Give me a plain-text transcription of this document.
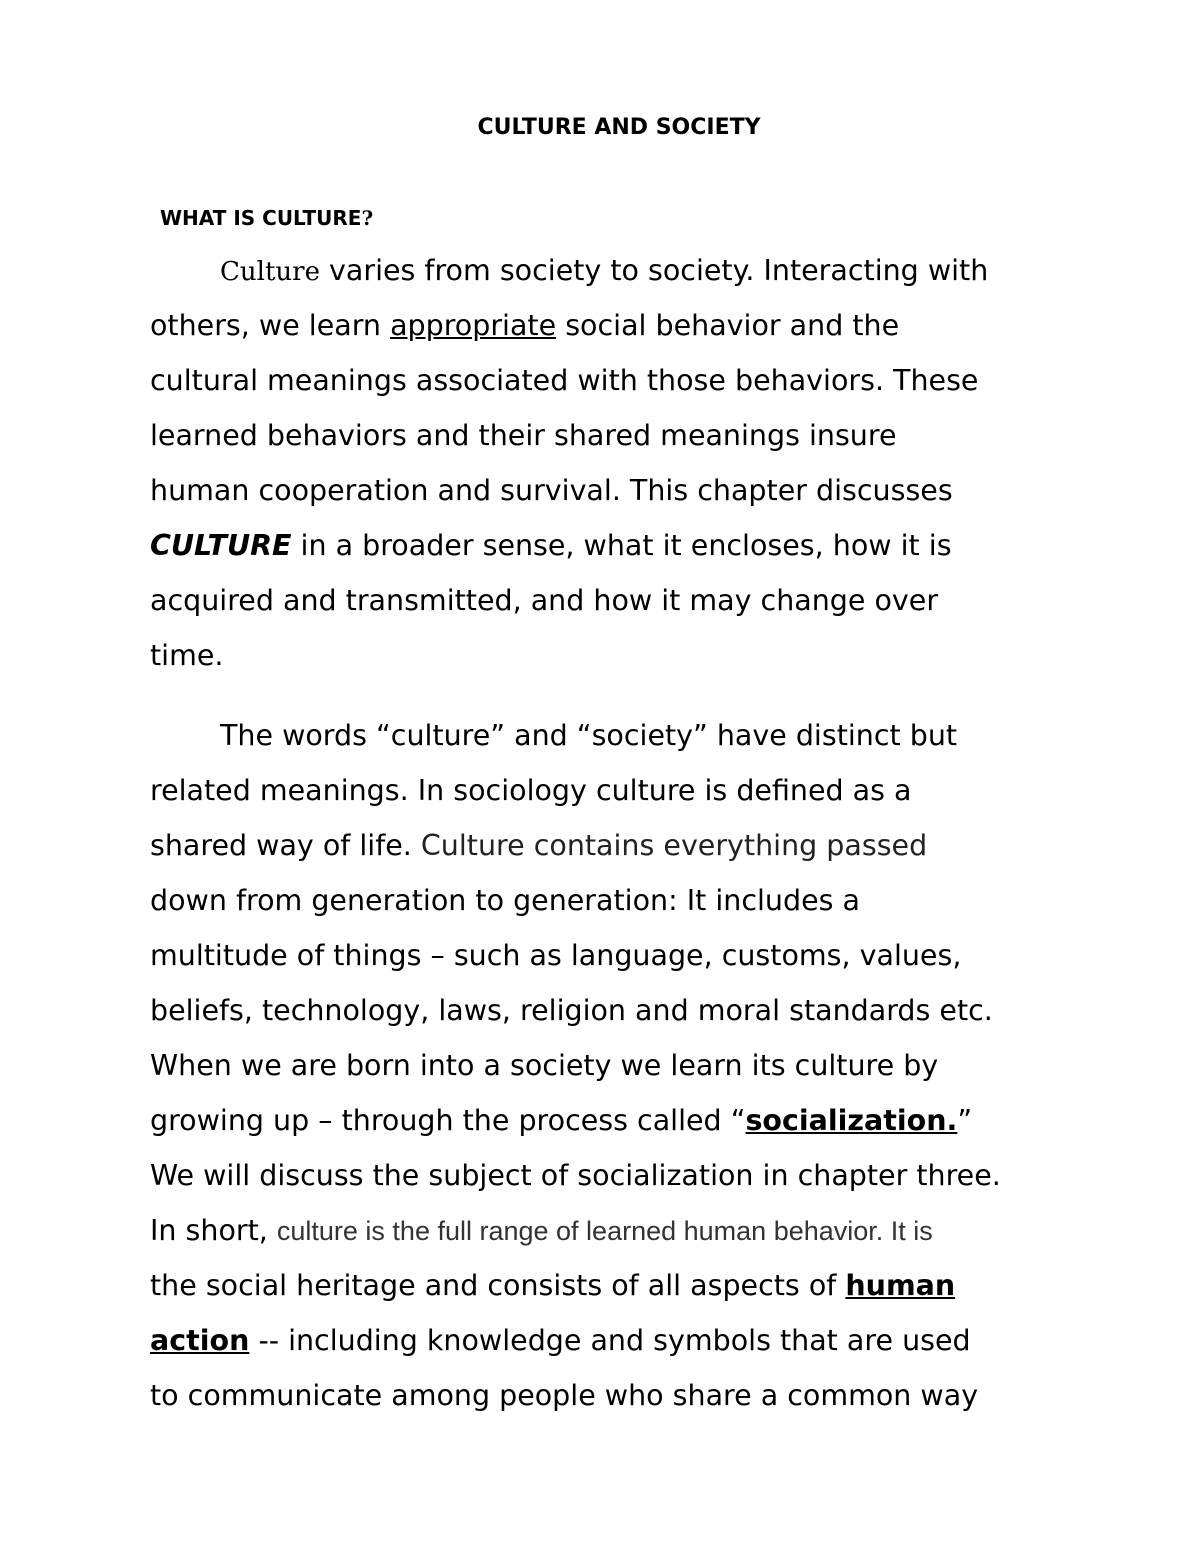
CULTURE AND SOCIETY
WHAT IS CULTURE?

Culture varies from society to society. Interacting with
others, we learn appropriate social behavior and the
cultural meanings associated with those behaviors. These
learned behaviors and their shared meanings insure
human cooperation and survival. This chapter discusses
CULTURE in a broader sense, what it encloses, how it is
acquired and transmitted, and how it may change over
time.

The words “culture” and “society” have distinct but
related meanings. In sociology culture is defined as a
shared way of life. Culture contains everything passed
down from generation to generation: It includes a
multitude of things – such as language, customs, values,
beliefs, technology, laws, religion and moral standards etc.
When we are born into a society we learn its culture by
growing up – through the process called “socialization.”
We will discuss the subject of socialization in chapter three.
In short, culture is the full range of learned human behavior. It is
the social heritage and consists of all aspects of human
action -- including knowledge and symbols that are used
to communicate among people who share a common way
